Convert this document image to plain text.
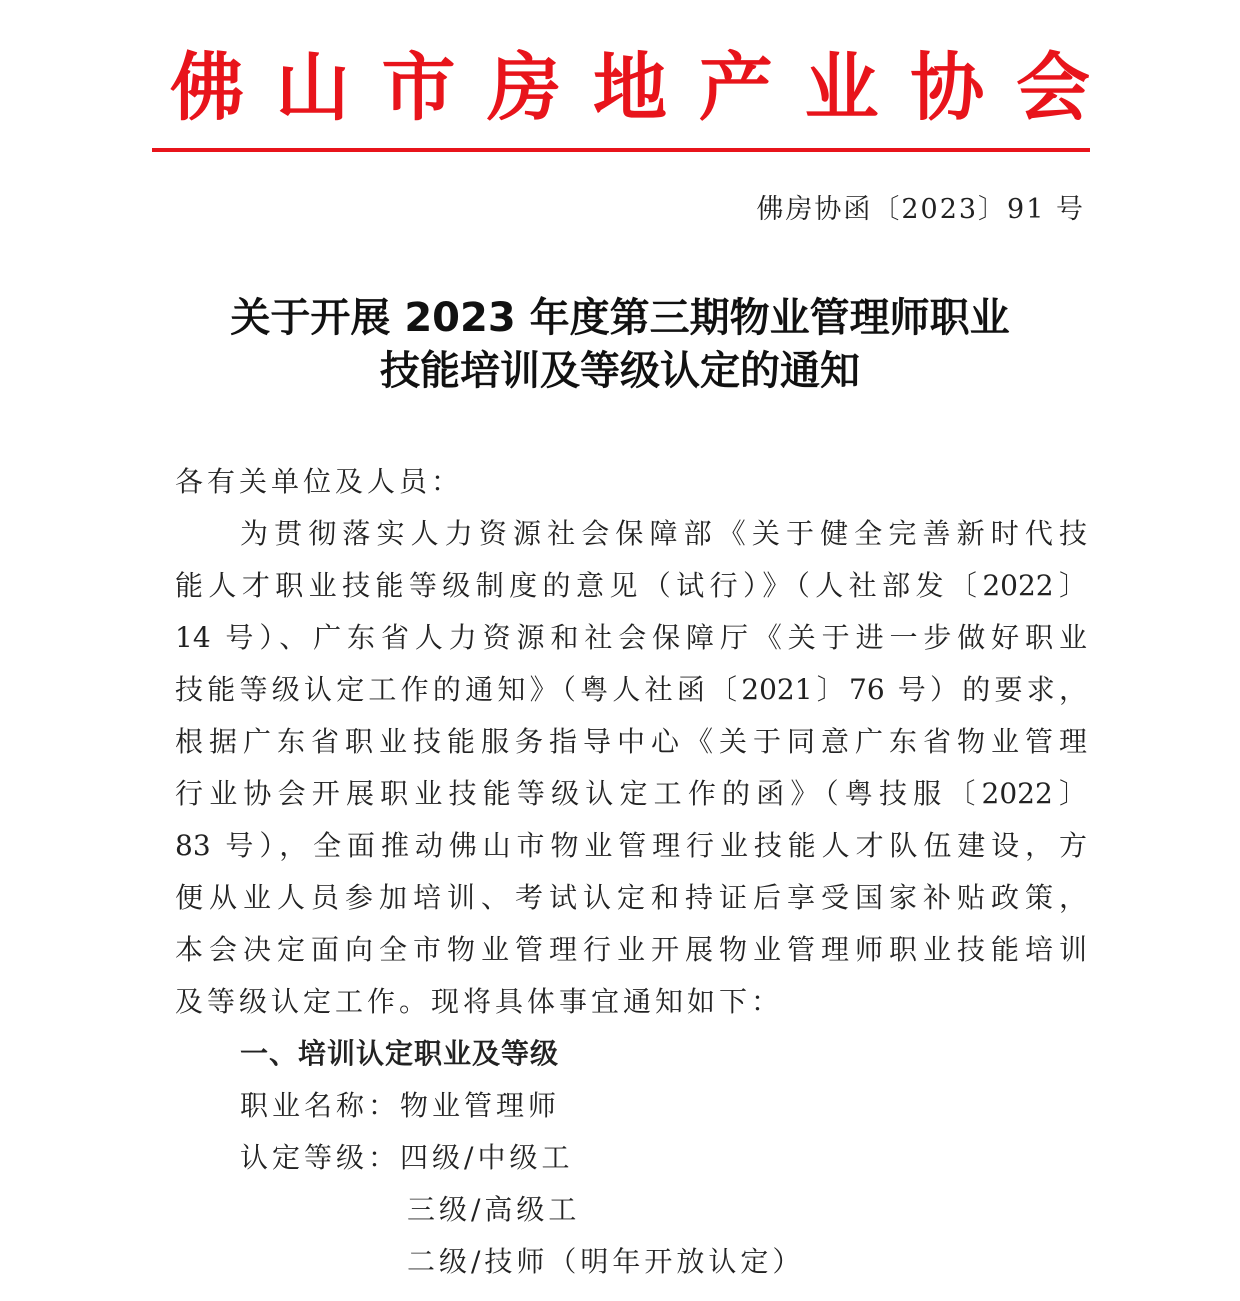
佛 山 市 房 地 产 业 协 会
佛房协函〔2023〕91 号
关于开展 2023 年度第三期物业管理师职业
技能培训及等级认定的通知
各有关单位及人员：
为贯彻落实人力资源社会保障部《关于健全完善新时代技
能人才职业技能等级制度的意见（试行）》（人社部发〔2022〕
14 号）、广东省人力资源和社会保障厅《关于进一步做好职业
技能等级认定工作的通知》（粤人社函〔2021〕76 号）的要求，
根据广东省职业技能服务指导中心《关于同意广东省物业管理
行业协会开展职业技能等级认定工作的函》（粤技服〔2022〕
83 号），全面推动佛山市物业管理行业技能人才队伍建设，方
便从业人员参加培训、考试认定和持证后享受国家补贴政策，
本会决定面向全市物业管理行业开展物业管理师职业技能培训
及等级认定工作。现将具体事宜通知如下：
一、培训认定职业及等级
职业名称：物业管理师
认定等级：四级/中级工
三级/高级工
二级/技师（明年开放认定）
